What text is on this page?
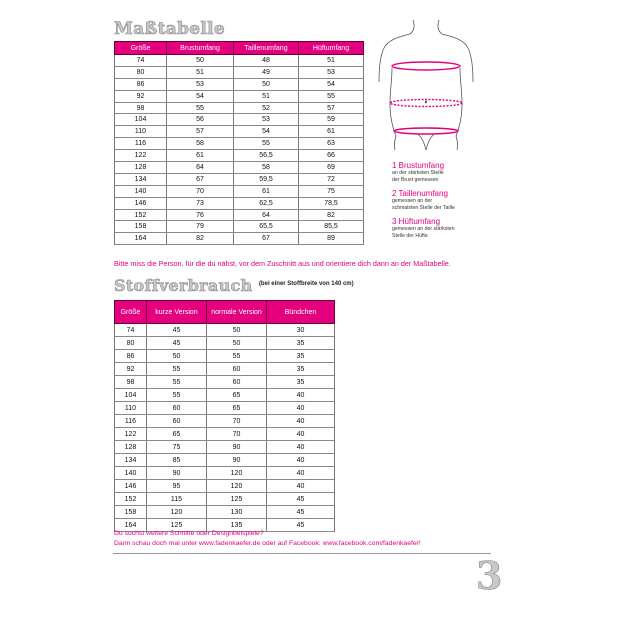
Maßtabelle
Größe	Brustumfang	Taillenumfang	Hüftumfang
74	50	48	51
80	51	49	53
86	53	50	54
92	54	51	55
98	55	52	57
104	56	53	59
110	57	54	61
116	58	55	63
122	61	56,5	66
128	64	58	69
134	67	59,5	72
140	70	61	75
146	73	62,5	78,5
152	76	64	82
158	79	65,5	85,5
164	82	67	89
1 Brustumfang
an der stärksten Stelle
der Brust gemessen
2 Taillenumfang
gemessen an der
schmalsten Stelle der Taille
3 Hüftumfang
gemessen an der stärksten
Stelle der Hüfte
Bitte miss die Person, für die du nähst, vor dem Zuschnitt aus und orientiere dich dann an der Maßtabelle.
Stoffverbrauch $^{(bei einer Stoffbreite von 140 cm)}$
Größe	kurze Version	normale Version	Bündchen
74	45	50	30
80	45	50	35
86	50	55	35
92	55	60	35
98	55	60	35
104	55	65	40
110	60	65	40
116	60	70	40
122	65	70	40
128	75	90	40
134	85	90	40
140	90	120	40
146	95	120	40
152	115	125	45
158	120	130	45
164	125	135	45
Du suchst weitere Schnitte oder Designbeispiele?
Dann schau doch mal unter www.fadenkaefer.de oder auf Facebook: www.facebook.com/fadenkaefer!
3
